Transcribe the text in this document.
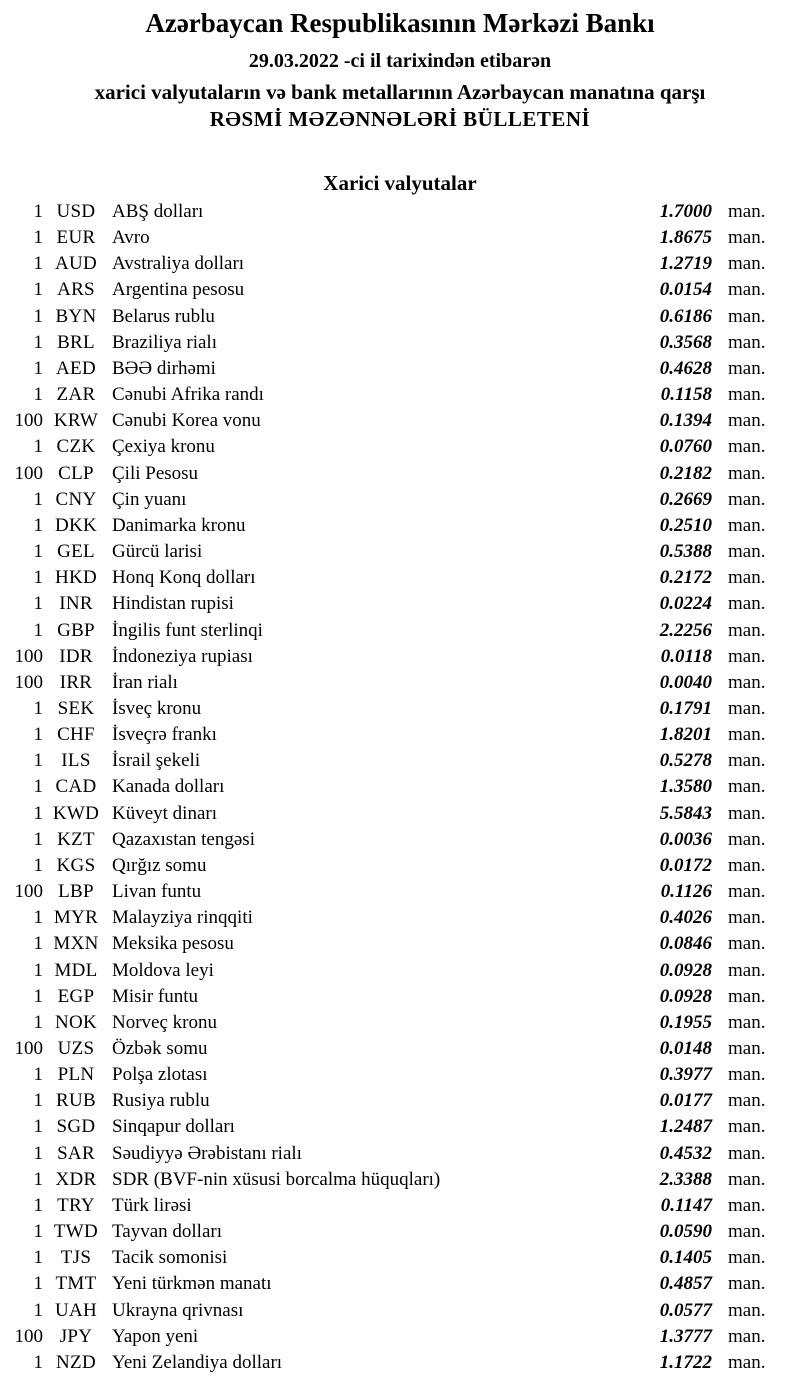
Azərbaycan Respublikasının Mərkəzi Bankı
29.03.2022 -ci il tarixindən etibarən
xarici valyutaların və bank metallarının Azərbaycan manatına qarşı
RƏSMİ MƏZƏNNƏLƏRİ BÜLLETENİ
Xarici valyutalar
1 USD ABŞ dolları	1.7000 man.
1 EUR Avro	1.8675 man.
1 AUD Avstraliya dolları	1.2719 man.
1 ARS Argentina pesosu	0.0154 man.
1 BYN Belarus rublu	0.6186 man.
1 BRL Braziliya rialı	0.3568 man.
1 AED BƏƏ dirhəmi	0.4628 man.
1 ZAR Cənubi Afrika randı	0.1158 man.
100 KRW Cənubi Korea vonu	0.1394 man.
1 CZK Çexiya kronu	0.0760 man.
100 CLP Çili Pesosu	0.2182 man.
1 CNY Çin yuanı	0.2669 man.
1 DKK Danimarka kronu	0.2510 man.
1 GEL Gürcü larisi	0.5388 man.
1 HKD Honq Konq dolları	0.2172 man.
1 INR	Hindistan rupisi	0.0224 man.
1 GBP İngilis funt sterlinqi	2.2256 man.
100 IDR	İndoneziya rupiası	0.0118 man.
100 IRR	İran rialı	0.0040 man.
1 SEK İsveç kronu	0.1791 man.
1 CHF İsveçrə frankı	1.8201 man.
1 ILS	İsrail şekeli	0.5278 man.
1 CAD Kanada dolları	1.3580 man.
1 KWD Küveyt dinarı	5.5843 man.
1 KZT Qazaxıstan tengəsi	0.0036 man.
1 KGS Qırğız somu	0.0172 man.
100 LBP Livan funtu	0.1126 man.
1 MYR Malayziya rinqqiti	0.4026 man.
1 MXN Meksika pesosu	0.0846 man.
1 MDL Moldova leyi	0.0928 man.
1 EGP Misir funtu	0.0928 man.
1 NOK Norveç kronu	0.1955 man.
100 UZS Özbək somu	0.0148 man.
1 PLN Polşa zlotası	0.3977 man.
1 RUB Rusiya rublu	0.0177 man.
1 SGD Sinqapur dolları	1.2487 man.
1 SAR Səudiyyə Ərəbistanı rialı	0.4532 man.
1 XDR SDR (BVF-nin xüsusi borcalma hüquqları)	2.3388 man.
1 TRY Türk lirəsi	0.1147 man.
1 TWD Tayvan dolları	0.0590 man.
1 TJS	Tacik somonisi	0.1405 man.
1 TMT Yeni türkmən manatı	0.4857 man.
1 UAH Ukrayna qrivnası	0.0577 man.
100 JPY	Yapon yeni	1.3777 man.
1 NZD Yeni Zelandiya dolları	1.1722 man.
